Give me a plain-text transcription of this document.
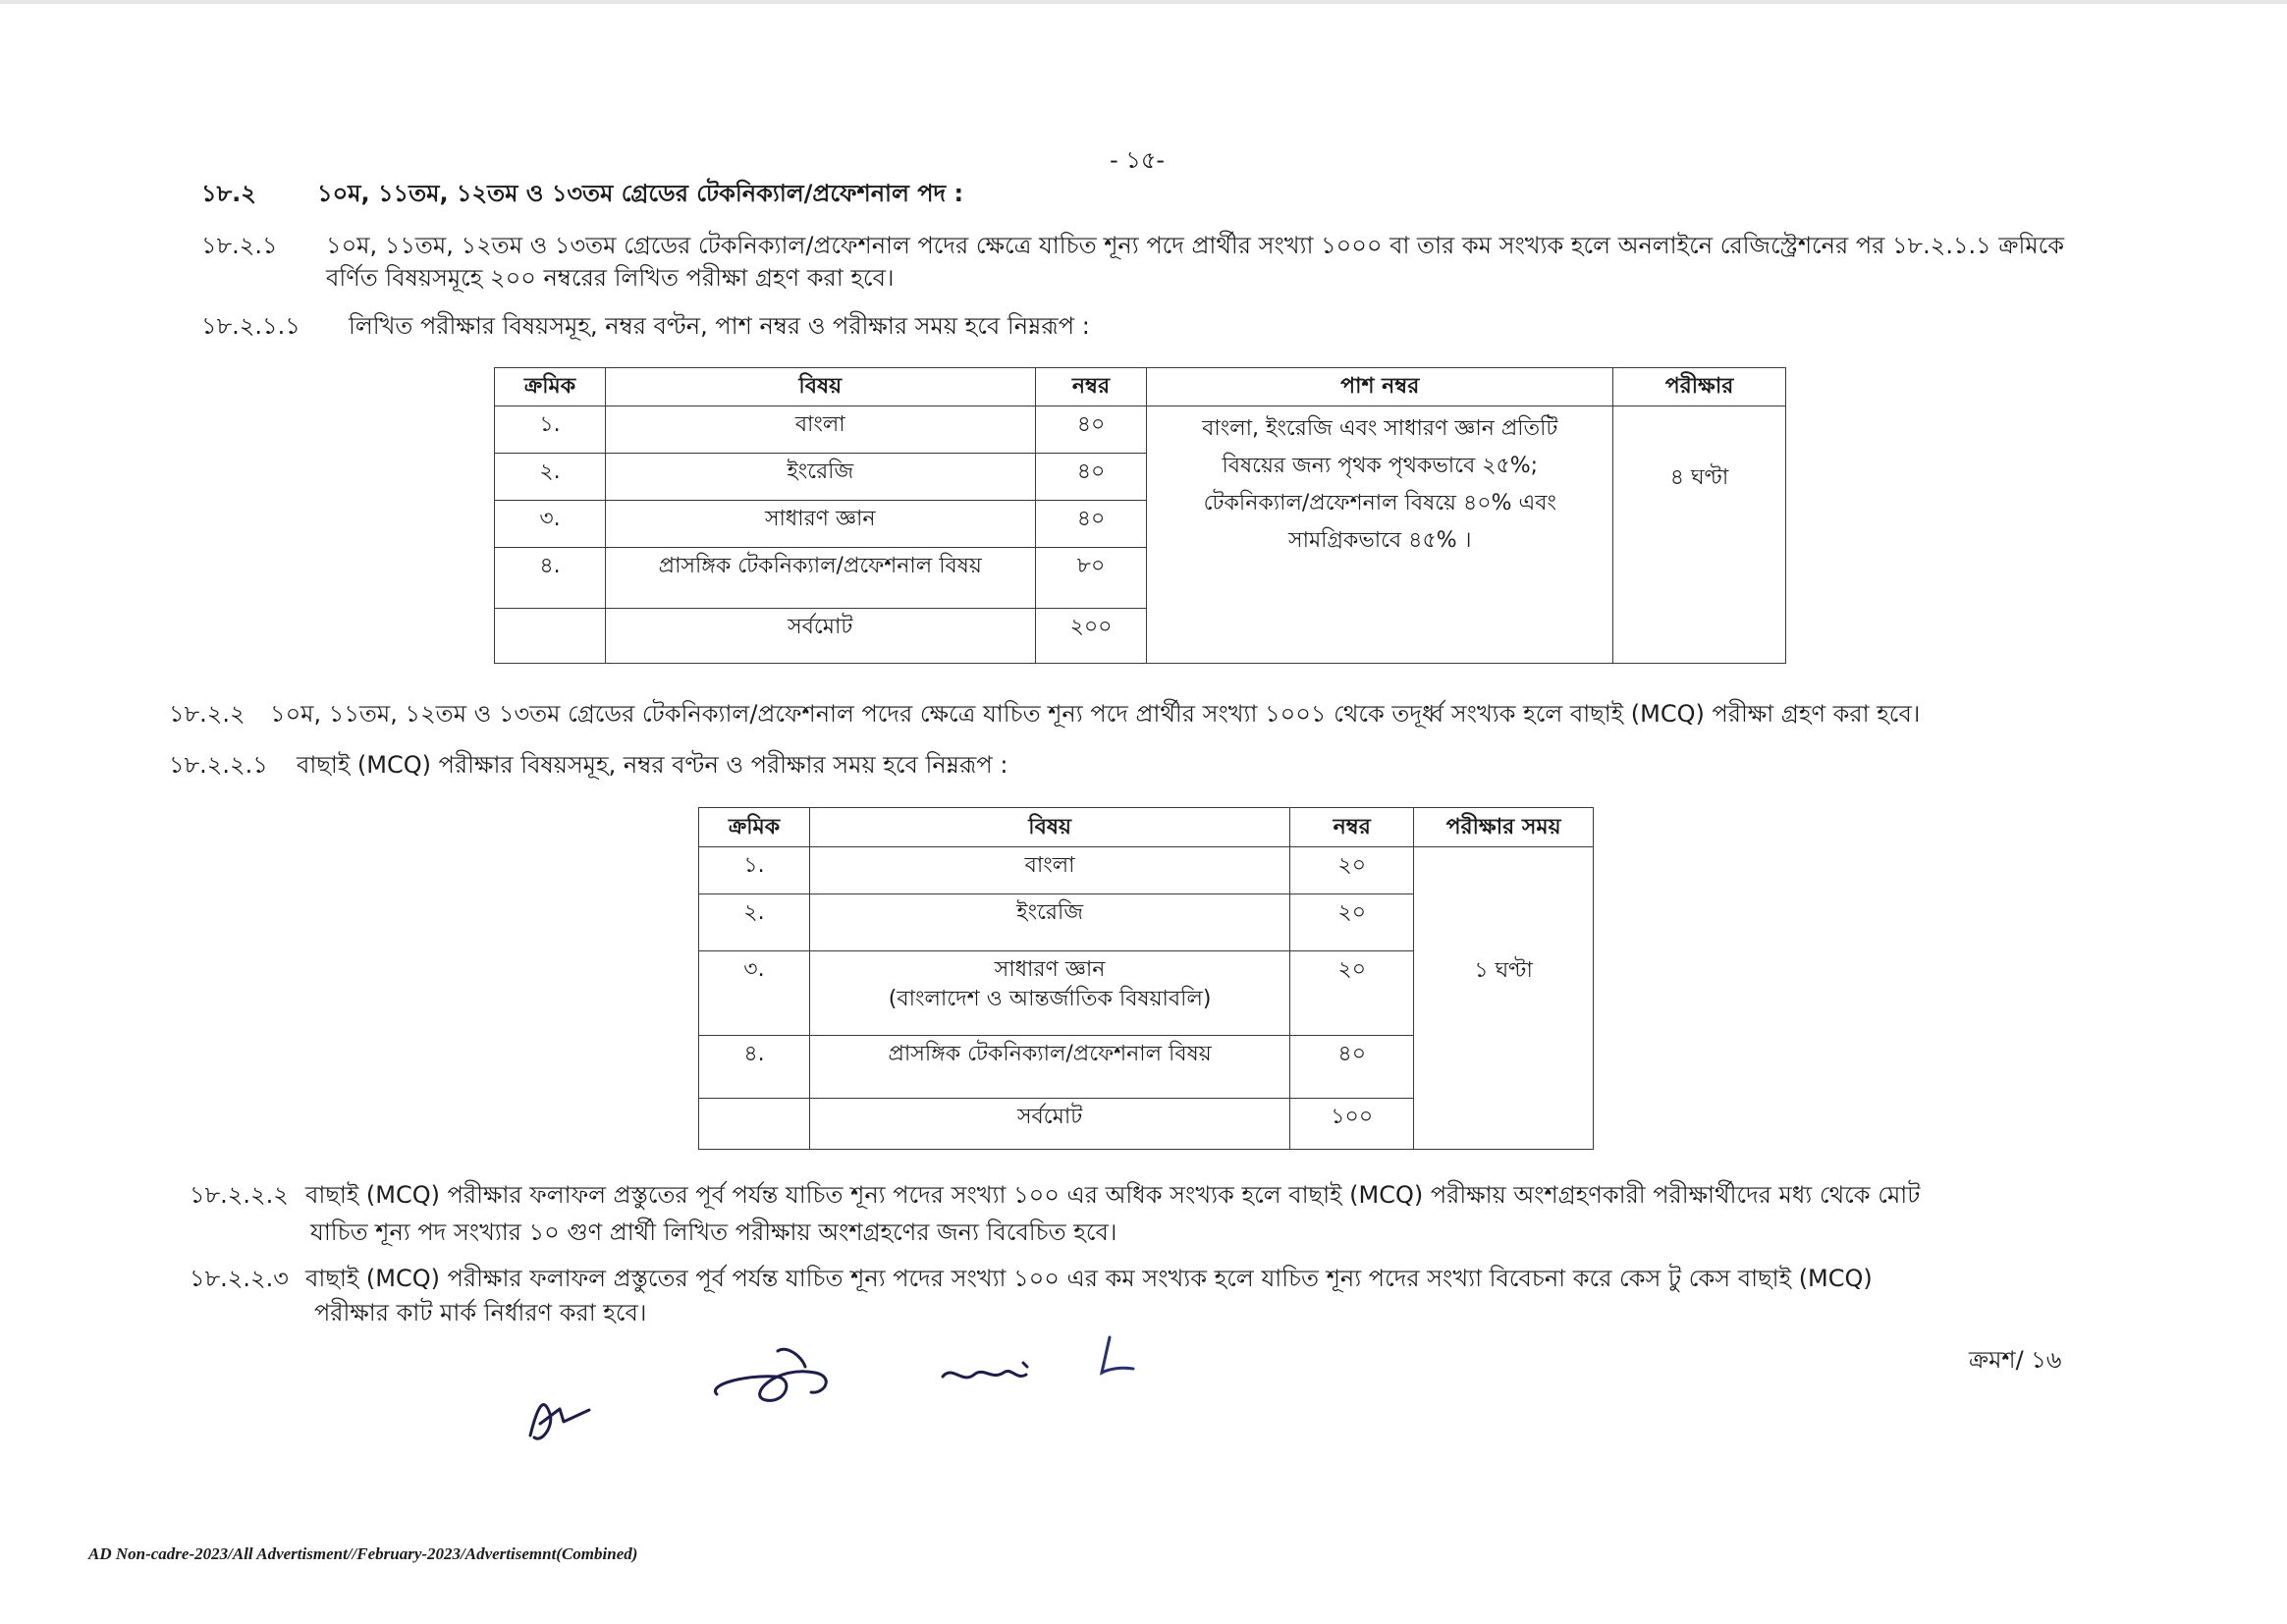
- ১৫-
১৮.২	১০ম, ১১তম, ১২তম ও ১৩তম গ্রেডের টেকনিক্যাল/প্রফেশনাল পদ :
১৮.২.১ ১০ম, ১১তম, ১২তম ও ১৩তম গ্রেডের টেকনিক্যাল/প্রফেশনাল পদের ক্ষেত্রে যাচিত শূন্য পদে প্রার্থীর সংখ্যা ১০০০ বা তার কম সংখ্যক হলে অনলাইনে রেজিস্ট্রেশনের পর ১৮.২.১.১ ক্রমিকে
বর্ণিত বিষয়সমূহে ২০০ নম্বরের লিখিত পরীক্ষা গ্রহণ করা হবে।
১৮.২.১.১ লিখিত পরীক্ষার বিষয়সমূহ, নম্বর বণ্টন, পাশ নম্বর ও পরীক্ষার সময় হবে নিম্নরূপ :
ক্রমিক	বিষয়	নম্বর	পাশ নম্বর	পরীক্ষার
১.	বাংলা	৪০	বাংলা, ইংরেজি এবং সাধারণ জ্ঞান প্রতিটি
বিষয়ের জন্য পৃথক পৃথকভাবে ২৫%;
টেকনিক্যাল/প্রফেশনাল বিষয়ে ৪০% এবং
সামগ্রিকভাবে ৪৫% ।	৪ ঘণ্টা
২.	ইংরেজি	৪০		
৩.	সাধারণ জ্ঞান	৪০		
৪.	প্রাসঙ্গিক টেকনিক্যাল/প্রফেশনাল বিষয়	৮০		
	সর্বমোট	২০০		
১৮.২.২ ১০ম, ১১তম, ১২তম ও ১৩তম গ্রেডের টেকনিক্যাল/প্রফেশনাল পদের ক্ষেত্রে যাচিত শূন্য পদে প্রার্থীর সংখ্যা ১০০১ থেকে তদূর্ধ্ব সংখ্যক হলে বাছাই (MCQ) পরীক্ষা গ্রহণ করা হবে।
১৮.২.২.১ বাছাই (MCQ) পরীক্ষার বিষয়সমূহ, নম্বর বণ্টন ও পরীক্ষার সময় হবে নিম্নরূপ :
ক্রমিক	বিষয়	নম্বর	পরীক্ষার সময়
১.	বাংলা	২০	১ ঘণ্টা
২.	ইংরেজি	২০	
৩.	সাধারণ জ্ঞান
(বাংলাদেশ ও আন্তর্জাতিক বিষয়াবলি)	২০	
৪.	প্রাসঙ্গিক টেকনিক্যাল/প্রফেশনাল বিষয়	৪০	
	সর্বমোট	১০০	
১৮.২.২.২ বাছাই (MCQ) পরীক্ষার ফলাফল প্রস্তুতের পূর্ব পর্যন্ত যাচিত শূন্য পদের সংখ্যা ১০০ এর অধিক সংখ্যক হলে বাছাই (MCQ) পরীক্ষায় অংশগ্রহণকারী পরীক্ষার্থীদের মধ্য থেকে মোট
যাচিত শূন্য পদ সংখ্যার ১০ গুণ প্রার্থী লিখিত পরীক্ষায় অংশগ্রহণের জন্য বিবেচিত হবে।
১৮.২.২.৩ বাছাই (MCQ) পরীক্ষার ফলাফল প্রস্তুতের পূর্ব পর্যন্ত যাচিত শূন্য পদের সংখ্যা ১০০ এর কম সংখ্যক হলে যাচিত শূন্য পদের সংখ্যা বিবেচনা করে কেস টু কেস বাছাই (MCQ)
পরীক্ষার কাট মার্ক নির্ধারণ করা হবে।
ক্রমশ/ ১৬
AD Non-cadre-2023/All Advertisment//February-2023/Advertisemnt(Combined)
